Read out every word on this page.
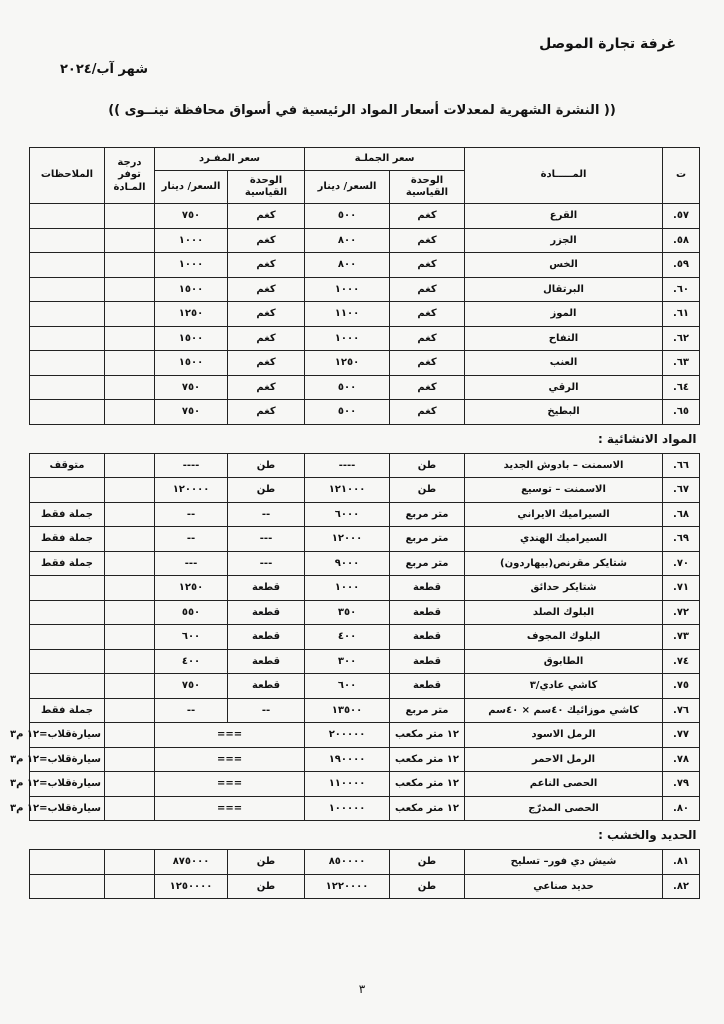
غرفة تجارة الموصل
شهر آب/٢٠٢٤
(( النشرة الشهرية لمعدلات أسعار المواد الرئيسية في أسواق محافظة نينــوى ))
ت	المـــــادة	سعر الجملـة		سعر المفـرد		درجة توفر المـادة	الملاحظات
		الوحدة القياسية	السعر/ دينار	الوحدة القياسية	السعر/ دينار		
٥٧.	القرع	كغم	٥٠٠	كغم	٧٥٠		
٥٨.	الجزر	كغم	٨٠٠	كغم	١٠٠٠		
٥٩.	الخس	كغم	٨٠٠	كغم	١٠٠٠		
٦٠.	البرتقال	كغم	١٠٠٠	كغم	١٥٠٠		
٦١.	الموز	كغم	١١٠٠	كغم	١٢٥٠		
٦٢.	التفاح	كغم	١٠٠٠	كغم	١٥٠٠		
٦٣.	العنب	كغم	١٢٥٠	كغم	١٥٠٠		
٦٤.	الرقي	كغم	٥٠٠	كغم	٧٥٠		
٦٥.	البطيخ	كغم	٥٠٠	كغم	٧٥٠		
المواد الانشائية :							
٦٦.	الاسمنت – بادوش الجديد	طن	----	طن	----		متوقف
٦٧.	الاسمنت – توسيع	طن	١٢١٠٠٠	طن	١٢٠٠٠٠		
٦٨.	السيراميك الايراني	متر مربع	٦٠٠٠	--	--		جملة فقط
٦٩.	السيراميك الهندي	متر مربع	١٢٠٠٠	---	--		جملة فقط
٧٠.	شتايكر مقرنص(بيهاردون)	متر مربع	٩٠٠٠	---	---		جملة فقط
٧١.	شتايكر حدائق	قطعة	١٠٠٠	قطعة	١٢٥٠		
٧٢.	البلوك الصلد	قطعة	٣٥٠	قطعة	٥٥٠		
٧٣.	البلوك المجوف	قطعة	٤٠٠	قطعة	٦٠٠		
٧٤.	الطابوق	قطعة	٣٠٠	قطعة	٤٠٠		
٧٥.	كاشي عادي/٣	قطعة	٦٠٠	قطعة	٧٥٠		
٧٦.	كاشي موزائيك ٤٠سم × ٤٠سم	متر مربع	١٣٥٠٠	--	--		جملة فقط
٧٧.	الرمل الاسود	١٢ متر مكعب	٢٠٠٠٠٠	===			سيارةقلاب=١٢ م٣
٧٨.	الرمل الاحمر	١٢ متر مكعب	١٩٠٠٠٠	===			سيارةقلاب=١٢ م٣
٧٩.	الحصى الناعم	١٢ متر مكعب	١١٠٠٠٠	===			سيارةقلاب=١٢ م٣
٨٠.	الحصى المدرّج	١٢ متر مكعب	١٠٠٠٠٠	===			سيارةقلاب=١٢ م٣
الحديد والخشب :							
٨١.	شيش دي فور– تسليح	طن	٨٥٠٠٠٠	طن	٨٧٥٠٠٠		
٨٢.	حديد صناعي	طن	١٢٢٠٠٠٠	طن	١٢٥٠٠٠٠		
٣
